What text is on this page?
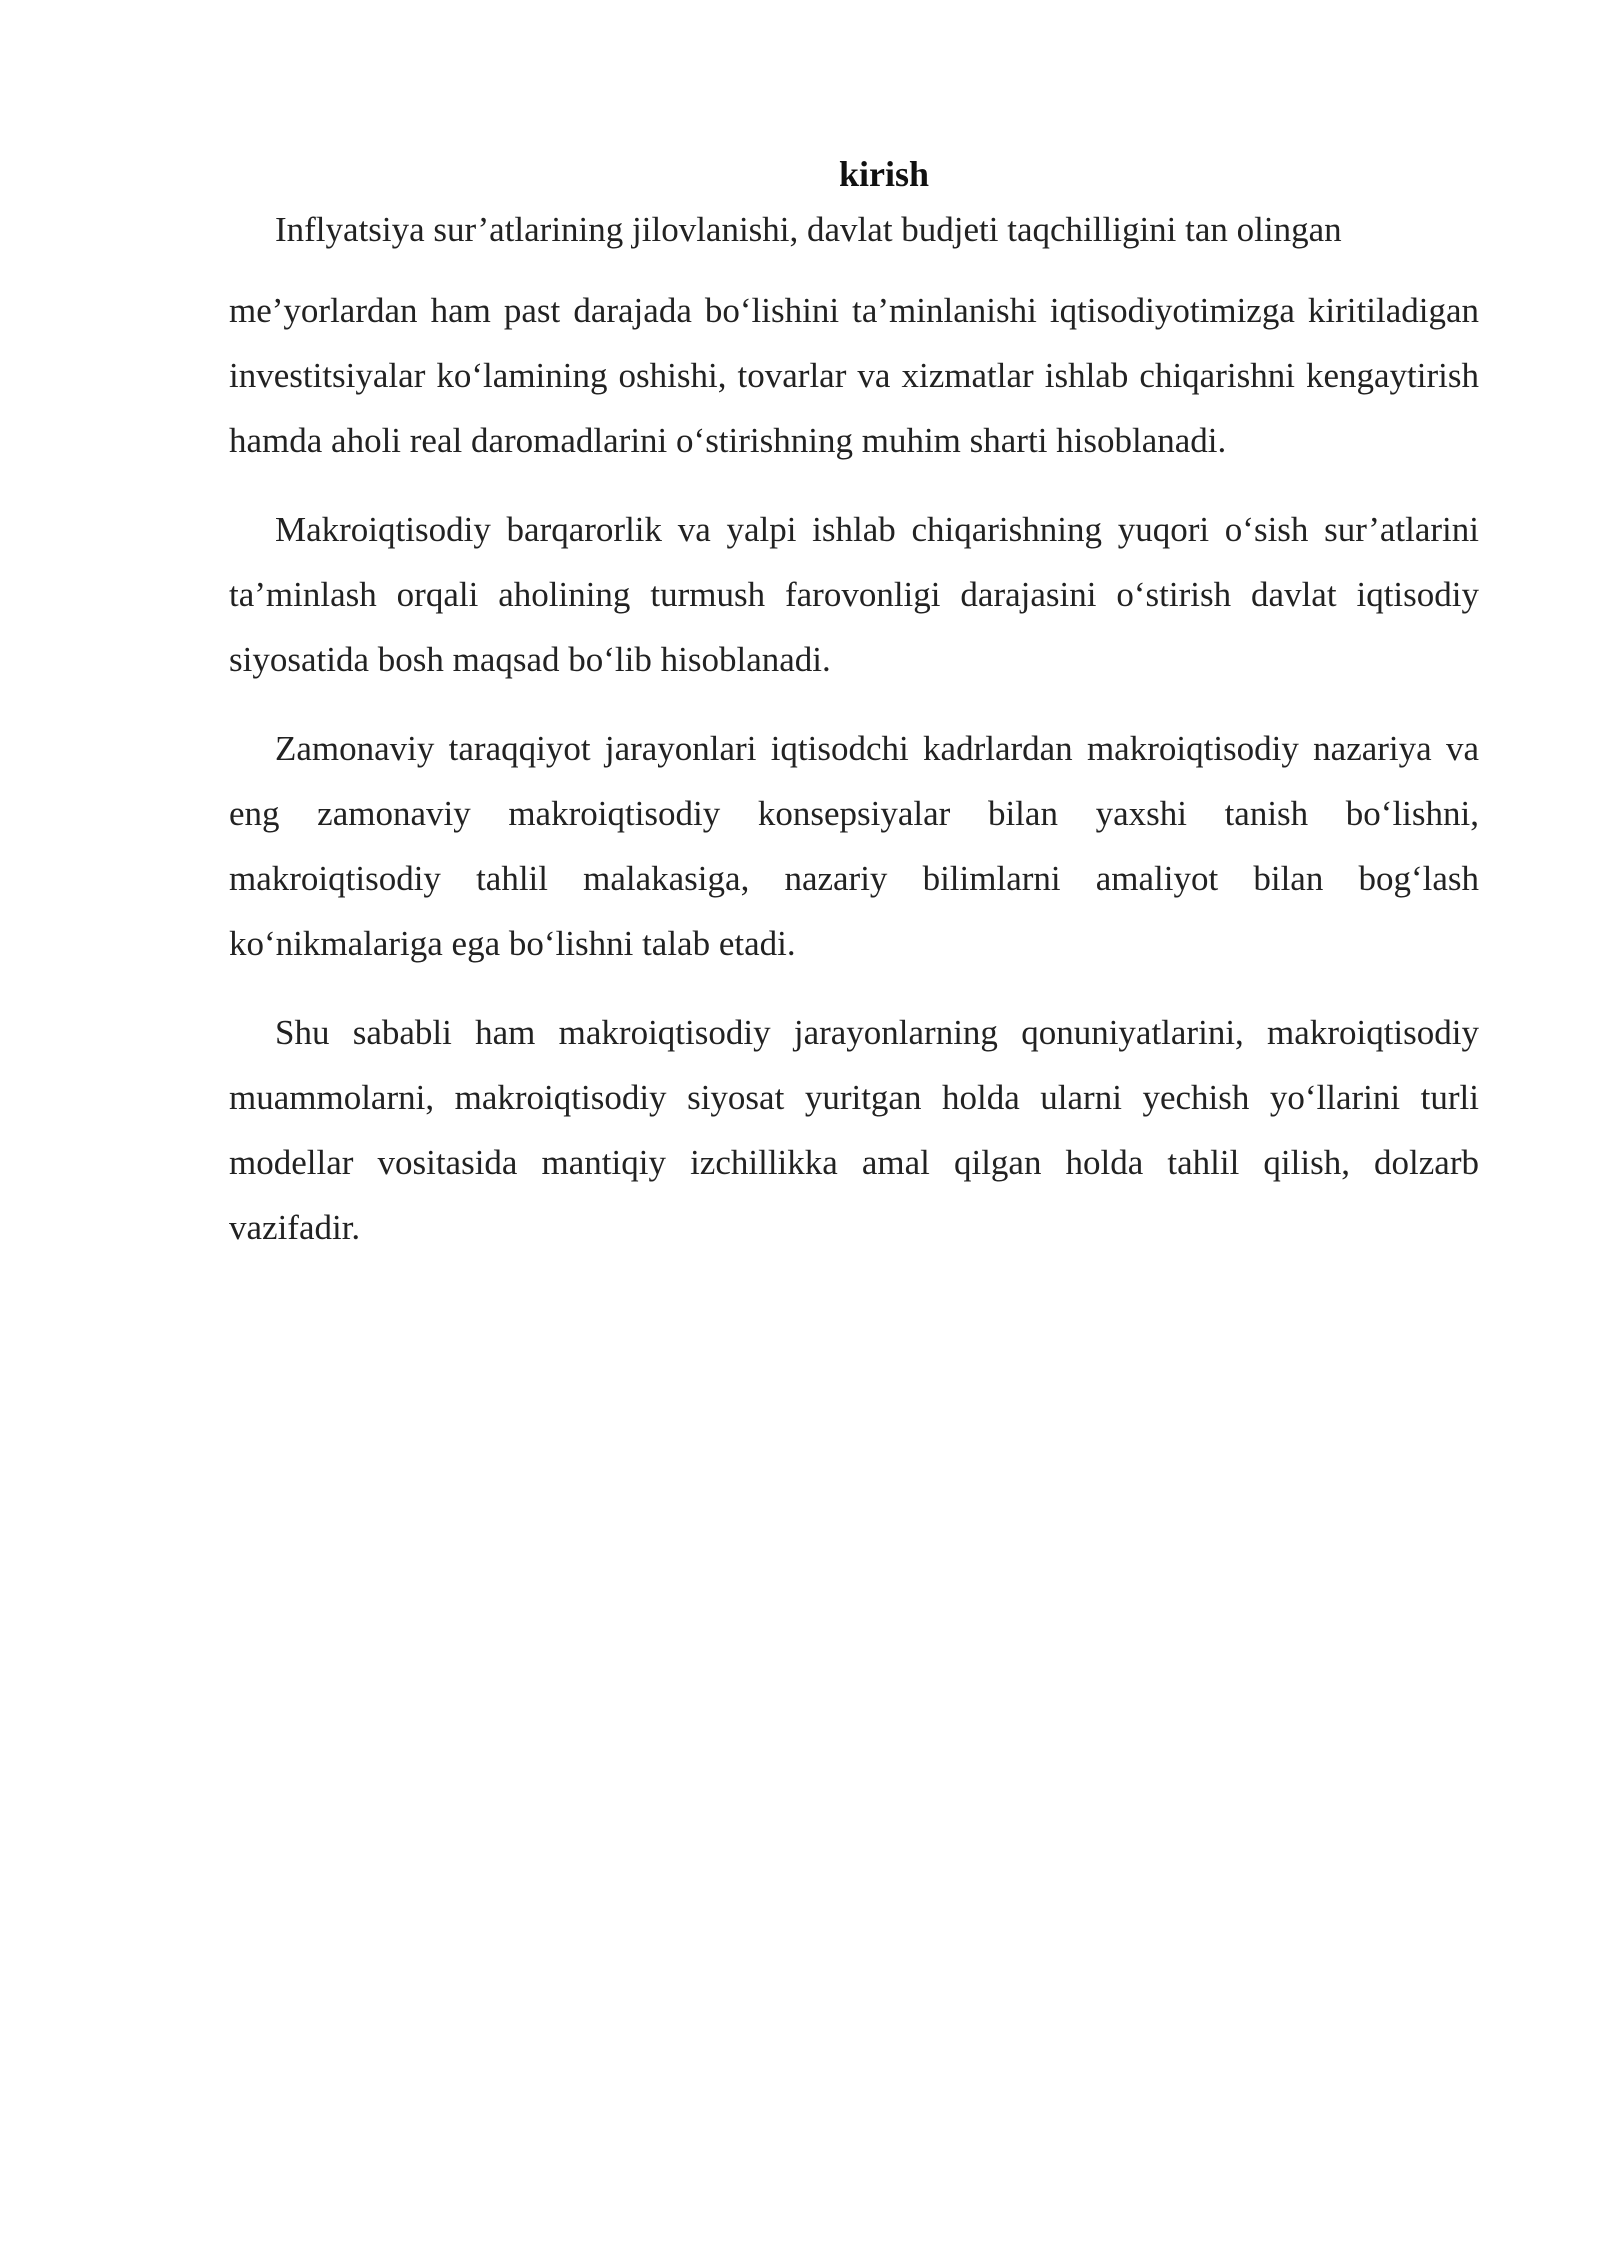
kirish

Inflyatsiya sur’atlarining jilovlanishi, davlat budjeti taqchilligini tan olingan

me’yorlardan ham past darajada bo‘lishini ta’minlanishi iqtisodiyotimizga kiritiladigan investitsiyalar ko‘lamining oshishi, tovarlar va xizmatlar ishlab chiqarishni kengaytirish hamda aholi real daromadlarini o‘stirishning muhim sharti hisoblanadi.

Makroiqtisodiy barqarorlik va yalpi ishlab chiqarishning yuqori o‘sish sur’atlarini ta’minlash orqali aholining turmush farovonligi darajasini o‘stirish davlat iqtisodiy siyosatida bosh maqsad bo‘lib hisoblanadi.

Zamonaviy taraqqiyot jarayonlari iqtisodchi kadrlardan makroiqtisodiy nazariya va eng zamonaviy makroiqtisodiy konsepsiyalar bilan yaxshi tanish bo‘lishni, makroiqtisodiy tahlil malakasiga, nazariy bilimlarni amaliyot bilan bog‘lash ko‘nikmalariga ega bo‘lishni talab etadi.

Shu sababli ham makroiqtisodiy jarayonlarning qonuniyatlarini, makroiqtisodiy muammolarni, makroiqtisodiy siyosat yuritgan holda ularni yechish yo‘llarini turli modellar vositasida mantiqiy izchillikka amal qilgan holda tahlil qilish, dolzarb vazifadir.
